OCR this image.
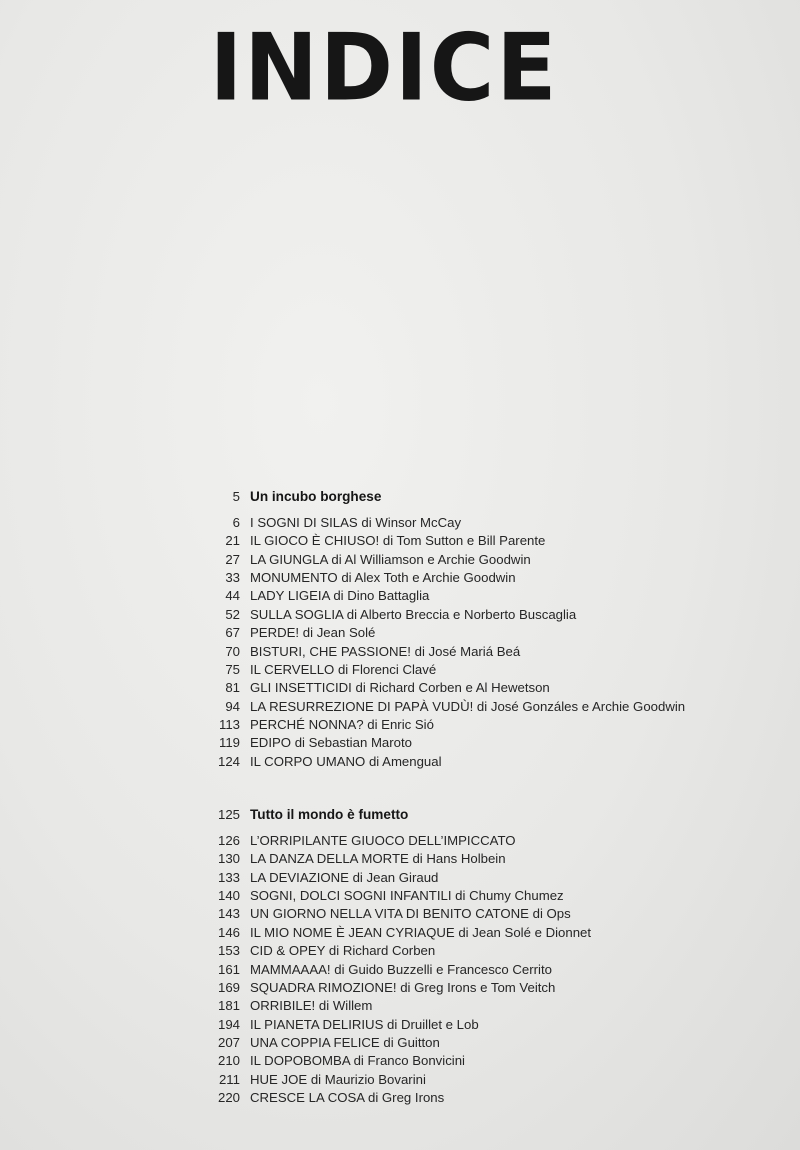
INDICE
5 Un incubo borghese
6 I SOGNI DI SILAS di Winsor McCay
21 IL GIOCO È CHIUSO! di Tom Sutton e Bill Parente
27 LA GIUNGLA di Al Williamson e Archie Goodwin
33 MONUMENTO di Alex Toth e Archie Goodwin
44 LADY LIGEIA di Dino Battaglia
52 SULLA SOGLIA di Alberto Breccia e Norberto Buscaglia
67 PERDE! di Jean Solé
70 BISTURI, CHE PASSIONE! di José Mariá Beá
75 IL CERVELLO di Florenci Clavé
81 GLI INSETTICIDI di Richard Corben e Al Hewetson
94 LA RESURREZIONE DI PAPÀ VUDÙ! di José Gonzáles e Archie Goodwin
113 PERCHÉ NONNA? di Enric Sió
119 EDIPO di Sebastian Maroto
124 IL CORPO UMANO di Amengual
125 Tutto il mondo è fumetto
126 L’ORRIPILANTE GIUOCO DELL’IMPICCATO
130 LA DANZA DELLA MORTE di Hans Holbein
133 LA DEVIAZIONE di Jean Giraud
140 SOGNI, DOLCI SOGNI INFANTILI di Chumy Chumez
143 UN GIORNO NELLA VITA DI BENITO CATONE di Ops
146 IL MIO NOME È JEAN CYRIAQUE di Jean Solé e Dionnet
153 CID & OPEY di Richard Corben
161 MAMMAAAA! di Guido Buzzelli e Francesco Cerrito
169 SQUADRA RIMOZIONE! di Greg Irons e Tom Veitch
181 ORRIBILE! di Willem
194 IL PIANETA DELIRIUS di Druillet e Lob
207 UNA COPPIA FELICE di Guitton
210 IL DOPOBOMBA di Franco Bonvicini
211 HUE JOE di Maurizio Bovarini
220 CRESCE LA COSA di Greg Irons
